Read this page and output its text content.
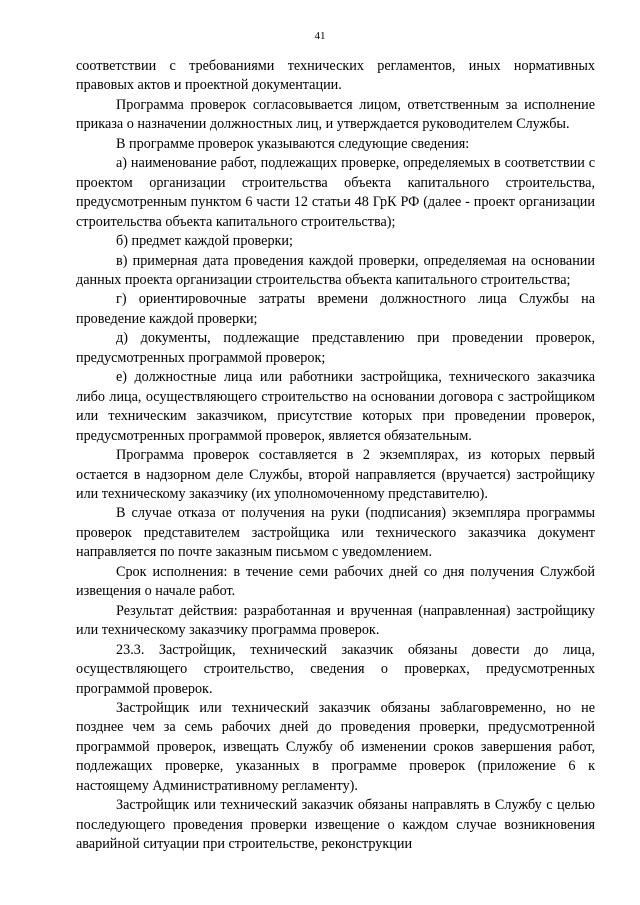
41

соответствии с требованиями технических регламентов, иных нормативных правовых актов и проектной документации.

Программа проверок согласовывается лицом, ответственным за исполнение приказа о назначении должностных лиц, и утверждается руководителем Службы.

В программе проверок указываются следующие сведения:

а) наименование работ, подлежащих проверке, определяемых в соответствии с проектом организации строительства объекта капитального строительства, предусмотренным пунктом 6 части 12 статьи 48 ГрК РФ (далее - проект организации строительства объекта капитального строительства);

б) предмет каждой проверки;

в) примерная дата проведения каждой проверки, определяемая на основании данных проекта организации строительства объекта капитального строительства;

г) ориентировочные затраты времени должностного лица Службы на проведение каждой проверки;

д) документы, подлежащие представлению при проведении проверок, предусмотренных программой проверок;

е) должностные лица или работники застройщика, технического заказчика либо лица, осуществляющего строительство на основании договора с застройщиком или техническим заказчиком, присутствие которых при проведении проверок, предусмотренных программой проверок, является обязательным.

Программа проверок составляется в 2 экземплярах, из которых первый остается в надзорном деле Службы, второй направляется (вручается) застройщику или техническому заказчику (их уполномоченному представителю).

В случае отказа от получения на руки (подписания) экземпляра программы проверок представителем застройщика или технического заказчика документ направляется по почте заказным письмом с уведомлением.

Срок исполнения: в течение семи рабочих дней со дня получения Службой извещения о начале работ.

Результат действия: разработанная и врученная (направленная) застройщику или техническому заказчику программа проверок.

23.3. Застройщик, технический заказчик обязаны довести до лица, осуществляющего строительство, сведения о проверках, предусмотренных программой проверок.

Застройщик или технический заказчик обязаны заблаговременно, но не позднее чем за семь рабочих дней до проведения проверки, предусмотренной программой проверок, извещать Службу об изменении сроков завершения работ, подлежащих проверке, указанных в программе проверок (приложение 6 к настоящему Административному регламенту).

Застройщик или технический заказчик обязаны направлять в Службу с целью последующего проведения проверки извещение о каждом случае возникновения аварийной ситуации при строительстве, реконструкции
